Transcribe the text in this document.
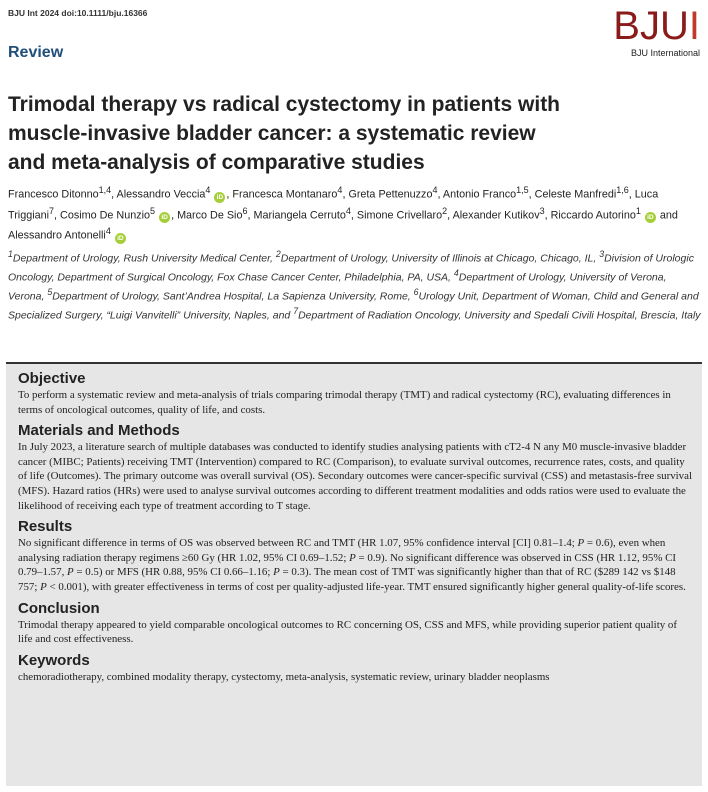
BJU Int 2024 doi:10.1111/bju.16366
Review
BJUI
BJU International
Trimodal therapy vs radical cystectomy in patients with
muscle-invasive bladder cancer: a systematic review
and meta-analysis of comparative studies
Francesco Ditonno$^{1,4}$, Alessandro Veccia$^4$ iD , Francesca Montanaro$^4$, Greta Pettenuzzo$^4$, Antonio Franco$^{1,5}$, Celeste Manfredi$^{1,6}$, Luca Triggiani$^7$, Cosimo De Nunzio$^5$ iD , Marco De Sio$^6$, Mariangela Cerruto$^4$, Simone Crivellaro$^2$, Alexander Kutikov$^3$, Riccardo Autorino$^1$ iD and Alessandro Antonelli$^4$ iD
$^1$Department of Urology, Rush University Medical Center, $^2$Department of Urology, University of Illinois at Chicago, Chicago, IL, $^3$Division of Urologic Oncology, Department of Surgical Oncology, Fox Chase Cancer Center, Philadelphia, PA, USA, $^4$Department of Urology, University of Verona, Verona, $^5$Department of Urology, Sant’Andrea Hospital, La Sapienza University, Rome, $^6$Urology Unit, Department of Woman, Child and General and Specialized Surgery, “Luigi Vanvitelli” University, Naples, and $^7$Department of Radiation Oncology, University and Spedali Civili Hospital, Brescia, Italy
Objective

To perform a systematic review and meta-analysis of trials comparing trimodal therapy (TMT) and radical cystectomy (RC), evaluating differences in terms of oncological outcomes, quality of life, and costs.

Materials and Methods

In July 2023, a literature search of multiple databases was conducted to identify studies analysing patients with cT2-4 N any M0 muscle-invasive bladder cancer (MIBC; Patients) receiving TMT (Intervention) compared to RC (Comparison), to evaluate survival outcomes, recurrence rates, costs, and quality of life (Outcomes). The primary outcome was overall survival (OS). Secondary outcomes were cancer-specific survival (CSS) and metastasis-free survival (MFS). Hazard ratios (HRs) were used to analyse survival outcomes according to different treatment modalities and odds ratios were used to evaluate the likelihood of receiving each type of treatment according to T stage.

Results

No significant difference in terms of OS was observed between RC and TMT (HR 1.07, 95% confidence interval [CI] 0.81–1.4; P = 0.6), even when analysing radiation therapy regimens ≥60 Gy (HR 1.02, 95% CI 0.69–1.52; P = 0.9). No significant difference was observed in CSS (HR 1.12, 95% CI 0.79–1.57, P = 0.5) or MFS (HR 0.88, 95% CI 0.66–1.16; P = 0.3). The mean cost of TMT was significantly higher than that of RC ($289 142 vs $148 757; P < 0.001), with greater effectiveness in terms of cost per quality-adjusted life-year. TMT ensured significantly higher general quality-of-life scores.

Conclusion

Trimodal therapy appeared to yield comparable oncological outcomes to RC concerning OS, CSS and MFS, while providing superior patient quality of life and cost effectiveness.

Keywords

chemoradiotherapy, combined modality therapy, cystectomy, meta-analysis, systematic review, urinary bladder neoplasms
